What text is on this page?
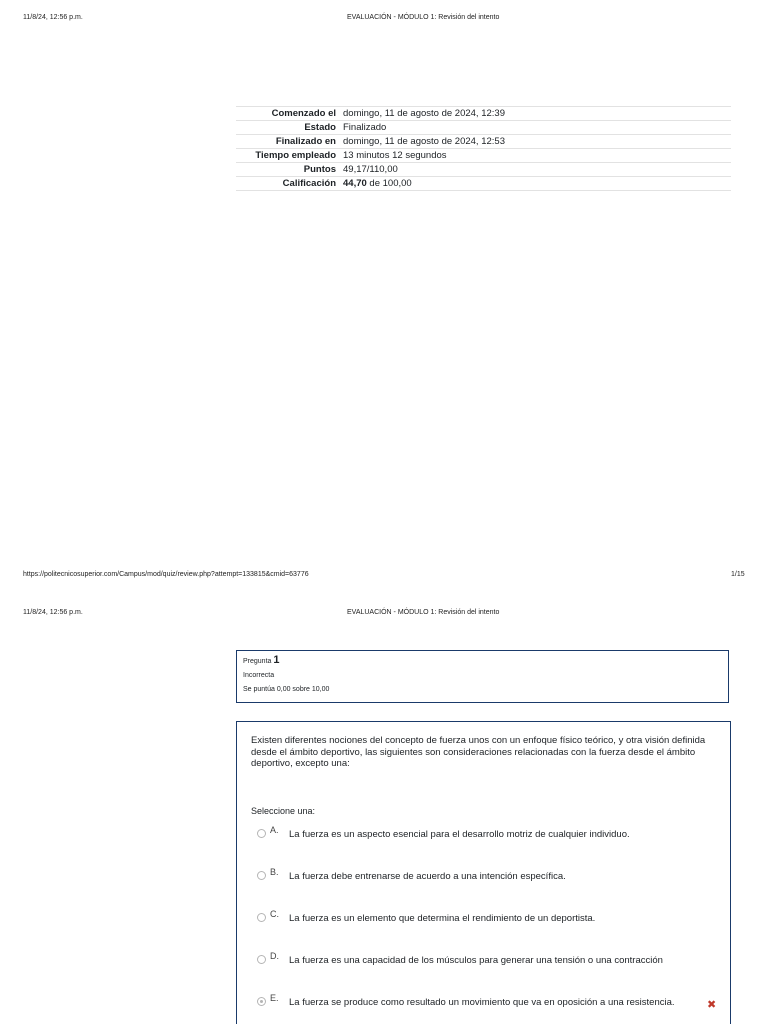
11/8/24, 12:56 p.m.	EVALUACIÓN - MÓDULO 1: Revisión del intento
Comenzado el	domingo, 11 de agosto de 2024, 12:39
Estado	Finalizado
Finalizado en	domingo, 11 de agosto de 2024, 12:53
Tiempo empleado	13 minutos 12 segundos
Puntos	49,17/110,00
Calificación	44,70 de 100,00
https://politecnicosuperior.com/Campus/mod/quiz/review.php?attempt=133815&cmid=63776	1/15
11/8/24, 12:56 p.m.	EVALUACIÓN - MÓDULO 1: Revisión del intento
Pregunta 1
Incorrecta
Se puntúa 0,00 sobre 10,00
Existen diferentes nociones del concepto de fuerza unos con un enfoque físico teórico, y otra visión definida desde el ámbito deportivo, las siguientes son consideraciones relacionadas con la fuerza desde el ámbito deportivo, excepto una:
Seleccione una:
A. La fuerza es un aspecto esencial para el desarrollo motriz de cualquier individuo.
B. La fuerza debe entrenarse de acuerdo a una intención específica.
C. La fuerza es un elemento que determina el rendimiento de un deportista.
D. La fuerza es una capacidad de los músculos para generar una tensión o una contracción
E. La fuerza se produce como resultado un movimiento que va en oposición a una resistencia.	✖
